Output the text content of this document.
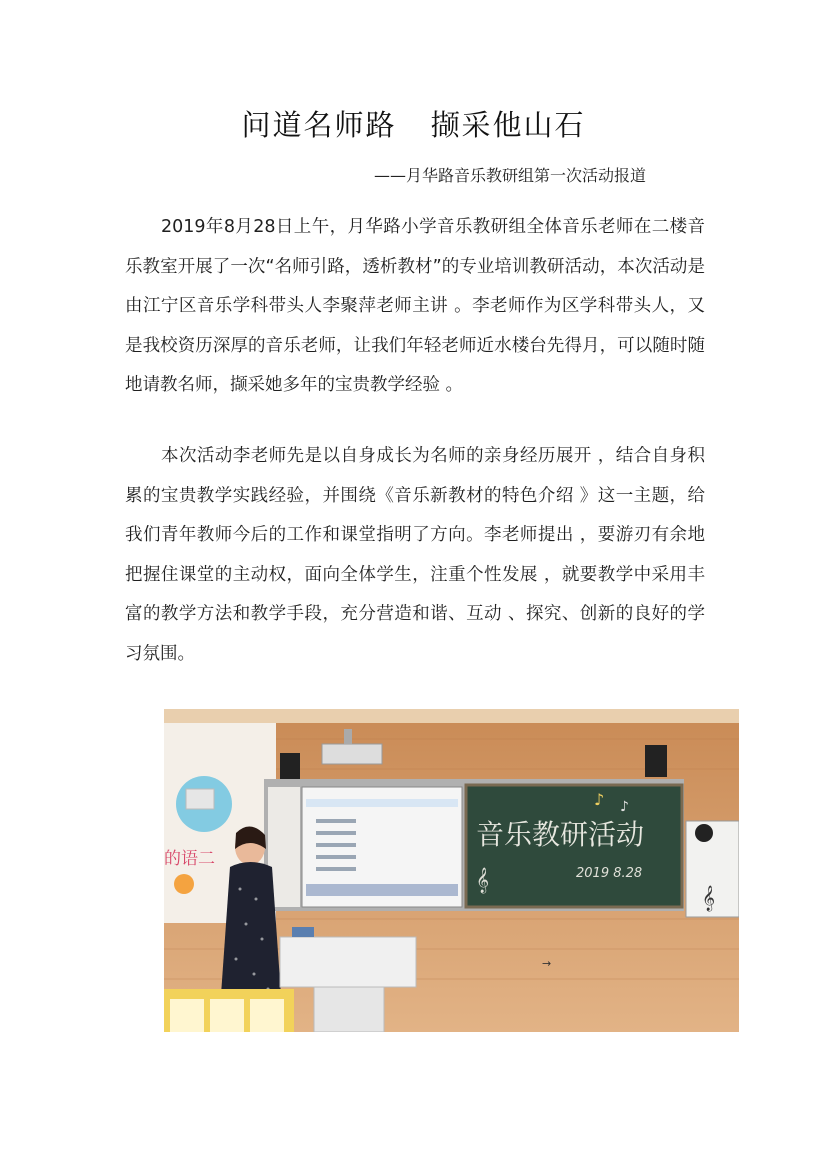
问道名师路 撷采他山石
——月华路音乐教研组第一次活动报道
2019年8月28日上午，月华路小学音乐教研组全体音乐老师在二楼音乐教室开展了一次“名师引路，透析教材”的专业培训教研活动，本次活动是由江宁区音乐学科带头人李聚萍老师主讲 。李老师作为区学科带头人，又是我校资历深厚的音乐老师，让我们年轻老师近水楼台先得月，可以随时随地请教名师，撷采她多年的宝贵教学经验 。
本次活动李老师先是以自身成长为名师的亲身经历展开 ，结合自身积累的宝贵教学实践经验，并围绕《音乐新教材的特色介绍 》这一主题，给我们青年教师今后的工作和课堂指明了方向。李老师提出 ，要游刃有余地把握住课堂的主动权，面向全体学生，注重个性发展 ，就要教学中采用丰富的教学方法和教学手段，充分营造和谐、互动 、探究、创新的良好的学习氛围。
的语二
音乐教研活动
2019 8.28
♪ ♪
𝄞
𝄞
→
